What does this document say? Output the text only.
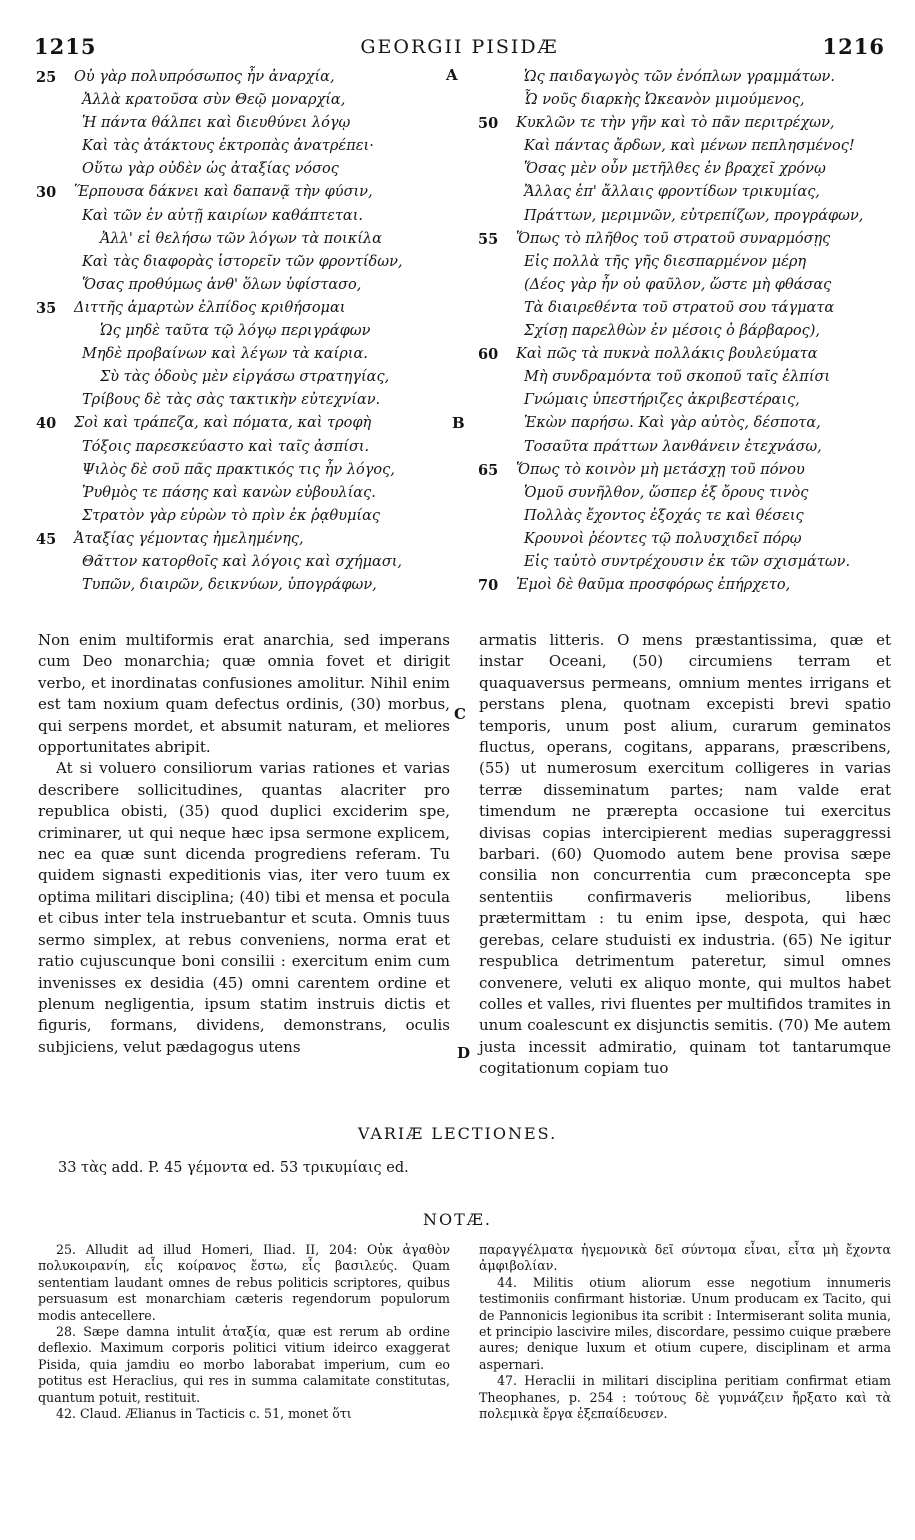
1215	GEORGII PISIDÆ	1216
A
B
C
D
25 Οὐ γὰρ πολυπρόσωπος ἦν ἀναρχία,
Ἀλλὰ κρατοῦσα σὺν Θεῷ μοναρχία,
Ἡ πάντα θάλπει καὶ διευθύνει λόγῳ
Καὶ τὰς ἀτάκτους ἐκτροπὰς ἀνατρέπει·
Οὕτω γὰρ οὐδὲν ὡς ἀταξίας νόσος
30 Ἕρπουσα δάκνει καὶ δαπανᾷ τὴν φύσιν,
Καὶ τῶν ἐν αὐτῇ καιρίων καθάπτεται.
Ἀλλ' εἰ θελήσω τῶν λόγων τὰ ποικίλα
Καὶ τὰς διαφορὰς ἱστορεῖν τῶν φροντίδων,
Ὅσας προθύμως ἀνθ' ὅλων ὑφίστασο,
35 Διττῆς ἁμαρτὼν ἐλπίδος κριθήσομαι
Ὡς μηδὲ ταῦτα τῷ λόγῳ περιγράφων
Μηδὲ προβαίνων καὶ λέγων τὰ καίρια.
Σὺ τὰς ὁδοὺς μὲν εἰργάσω στρατηγίας,
Τρίβους δὲ τὰς σὰς τακτικὴν εὐτεχνίαν.
40 Σοὶ καὶ τράπεζα, καὶ πόματα, καὶ τροφὴ
Τόξοις παρεσκεύαστο καὶ ταῖς ἀσπίσι.
Ψιλὸς δὲ σοῦ πᾶς πρακτικός τις ἦν λόγος,
Ῥυθμὸς τε πάσης καὶ κανὼν εὐβουλίας.
Στρατὸν γὰρ εὑρὼν τὸ πρὶν ἐκ ῥᾳθυμίας
45 Ἀταξίας γέμοντας ἠμελημένης,
Θᾶττον κατορθοῖς καὶ λόγοις καὶ σχήμασι,
Τυπῶν, διαιρῶν, δεικνύων, ὑπογράφων,
Ὡς παιδαγωγὸς τῶν ἐνόπλων γραμμάτων.
Ὦ νοῦς διαρκὴς Ὠκεανὸν μιμούμενος,
50 Κυκλῶν τε τὴν γῆν καὶ τὸ πᾶν περιτρέχων,
Καὶ πάντας ἄρδων, καὶ μένων πεπλησμένος!
Ὅσας μὲν οὖν μετῆλθες ἐν βραχεῖ χρόνῳ
Ἄλλας ἐπ' ἄλλαις φροντίδων τρικυμίας,
Πράττων, μεριμνῶν, εὐτρεπίζων, προγράφων,
55 Ὅπως τὸ πλῆθος τοῦ στρατοῦ συναρμόσῃς
Εἰς πολλὰ τῆς γῆς διεσπαρμένον μέρη
(Δέος γὰρ ἦν οὐ φαῦλον, ὥστε μὴ φθάσας
Τὰ διαιρεθέντα τοῦ στρατοῦ σου τάγματα
Σχίσῃ παρελθὼν ἐν μέσοις ὁ βάρβαρος),
60 Καὶ πῶς τὰ πυκνὰ πολλάκις βουλεύματα
Μὴ συνδραμόντα τοῦ σκοποῦ ταῖς ἐλπίσι
Γνώμαις ὑπεστήριζες ἀκριβεστέραις,
Ἑκὼν παρήσω. Καὶ γὰρ αὐτὸς, δέσποτα,
Τοσαῦτα πράττων λανθάνειν ἐτεχνάσω,
65 Ὅπως τὸ κοινὸν μὴ μετάσχῃ τοῦ πόνου
Ὁμοῦ συνῆλθον, ὥσπερ ἐξ ὄρους τινὸς
Πολλὰς ἔχοντος ἐξοχάς τε καὶ θέσεις
Κρουνοὶ ῥέοντες τῷ πολυσχιδεῖ πόρῳ
Εἰς ταὐτὸ συντρέχουσιν ἐκ τῶν σχισμάτων.
70 Ἐμοὶ δὲ θαῦμα προσφόρως ἐπήρχετο,

Non enim multiformis erat anarchia, sed imperans cum Deo monarchia; quæ omnia fovet et dirigit verbo, et inordinatas confusiones amolitur. Nihil enim est tam noxium quam defectus ordinis, (30) morbus, qui serpens mordet, et absumit naturam, et meliores opportunitates abripit.

At si voluero consiliorum varias rationes et varias describere sollicitudines, quantas alacriter pro republica obisti, (35) quod duplici exciderim spe, criminarer, ut qui neque hæc ipsa sermone explicem, nec ea quæ sunt dicenda progrediens referam. Tu quidem signasti expeditionis vias, iter vero tuum ex optima militari disciplina; (40) tibi et mensa et pocula et cibus inter tela instruebantur et scuta. Omnis tuus sermo simplex, at rebus conveniens, norma erat et ratio cujuscunque boni consilii : exercitum enim cum invenisses ex desidia (45) omni carentem ordine et plenum negligentia, ipsum statim instruis dictis et figuris, formans, dividens, demonstrans, oculis subjiciens, velut pædagogus utens

armatis litteris. O mens præstantissima, quæ et instar Oceani, (50) circumiens terram et quaquaversus permeans, omnium mentes irrigans et perstans plena, quotnam excepisti brevi spatio temporis, unum post alium, curarum geminatos fluctus, operans, cogitans, apparans, præscribens, (55) ut numerosum exercitum colligeres in varias terræ disseminatum partes; nam valde erat timendum ne prærepta occasione tui exercitus divisas copias intercipierent medias superaggressi barbari. (60) Quomodo autem bene provisa sæpe consilia non concurrentia cum præconcepta spe sententiis confirmaveris melioribus, libens prætermittam : tu enim ipse, despota, qui hæc gerebas, celare studuisti ex industria. (65) Ne igitur respublica detrimentum pateretur, simul omnes convenere, veluti ex aliquo monte, qui multos habet colles et valles, rivi fluentes per multifidos tramites in unum coalescunt ex disjunctis semitis. (70) Me autem justa incessit admiratio, quinam tot tantarumque cogitationum copiam tuo

VARIÆ LECTIONES.
33 τὰς add. P. 45 γέμοντα ed. 53 τρικυμίαις ed.
NOTÆ.

25. Alludit ad illud Homeri, Iliad. II, 204: Οὐκ ἀγαθὸν πολυκοιρανίη, εἷς κοίρανος ἔστω, εἷς βασιλεύς. Quam sententiam laudant omnes de rebus politicis scriptores, quibus persuasum est monarchiam cæteris regendorum populorum modis antecellere.

28. Sæpe damna intulit ἀταξία, quæ est rerum ab ordine deflexio. Maximum corporis politici vitium ideirco exaggerat Pisida, quia jamdiu eo morbo laborabat imperium, cum eo potitus est Heraclius, qui res in summa calamitate constitutas, quantum potuit, restituit.

42. Claud. Ælianus in Tacticis c. 51, monet ὅτι

παραγγέλματα ἡγεμονικὰ δεῖ σύντομα εἶναι, εἶτα μὴ ἔχοντα ἀμφιβολίαν.

44. Militis otium aliorum esse negotium innumeris testimoniis confirmant historiæ. Unum producam ex Tacito, qui de Pannonicis legionibus ita scribit : Intermiserant solita munia, et principio lascivire miles, discordare, pessimo cuique præbere aures; denique luxum et otium cupere, disciplinam et arma aspernari.

47. Heraclii in militari disciplina peritiam confirmat etiam Theophanes, p. 254 : τούτους δὲ γυμνάζειν ἤρξατο καὶ τὰ πολεμικὰ ἔργα ἐξεπαίδευσεν.
